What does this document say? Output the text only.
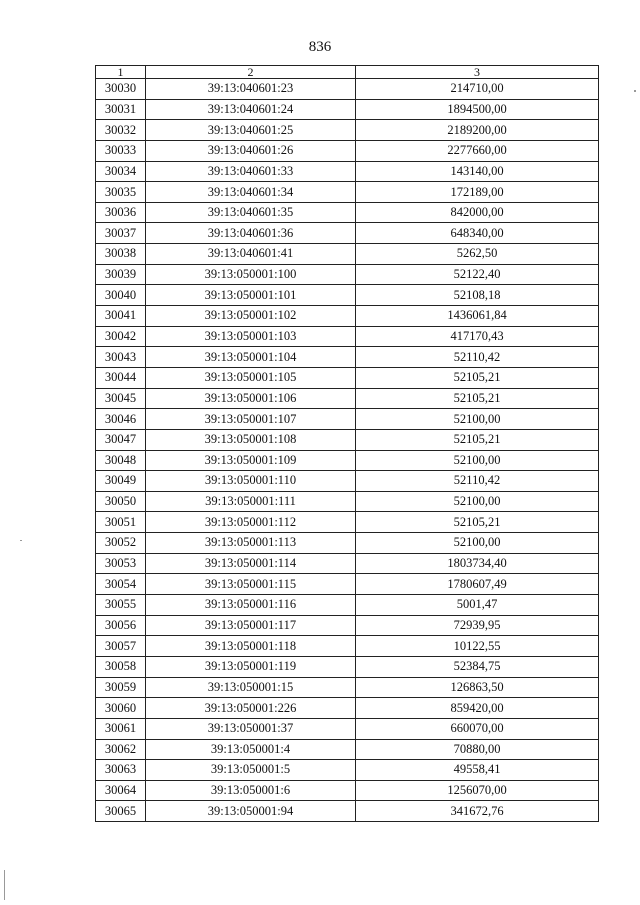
836
1	2	3
30030	39:13:040601:23	214710,00
30031	39:13:040601:24	1894500,00
30032	39:13:040601:25	2189200,00
30033	39:13:040601:26	2277660,00
30034	39:13:040601:33	143140,00
30035	39:13:040601:34	172189,00
30036	39:13:040601:35	842000,00
30037	39:13:040601:36	648340,00
30038	39:13:040601:41	5262,50
30039	39:13:050001:100	52122,40
30040	39:13:050001:101	52108,18
30041	39:13:050001:102	1436061,84
30042	39:13:050001:103	417170,43
30043	39:13:050001:104	52110,42
30044	39:13:050001:105	52105,21
30045	39:13:050001:106	52105,21
30046	39:13:050001:107	52100,00
30047	39:13:050001:108	52105,21
30048	39:13:050001:109	52100,00
30049	39:13:050001:110	52110,42
30050	39:13:050001:111	52100,00
30051	39:13:050001:112	52105,21
30052	39:13:050001:113	52100,00
30053	39:13:050001:114	1803734,40
30054	39:13:050001:115	1780607,49
30055	39:13:050001:116	5001,47
30056	39:13:050001:117	72939,95
30057	39:13:050001:118	10122,55
30058	39:13:050001:119	52384,75
30059	39:13:050001:15	126863,50
30060	39:13:050001:226	859420,00
30061	39:13:050001:37	660070,00
30062	39:13:050001:4	70880,00
30063	39:13:050001:5	49558,41
30064	39:13:050001:6	1256070,00
30065	39:13:050001:94	341672,76
